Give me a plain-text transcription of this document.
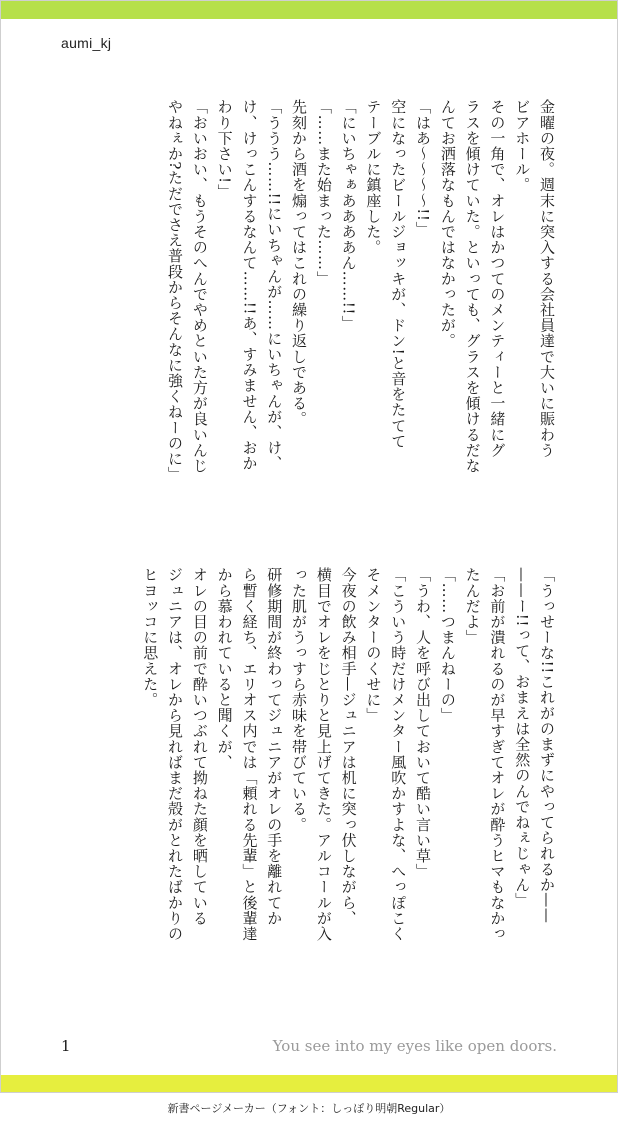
aumi_kj
金曜の夜。週末に突入する会社員達で大いに賑わう
ビアホール。
その一角で、オレはかつてのメンティーと一緒にグ
ラスを傾けていた。といっても、グラスを傾けるだな
んてお洒落なもんではなかったが。
「はあ〜〜〜〜!!」
空になったビールジョッキが、ドン!と音をたてて
テーブルに鎮座した。
「にいちゃぁああああん……!!」
「……また始まった……」
先刻から酒を煽ってはこれの繰り返しである。
「ううう……!!にいちゃんが……にいちゃんが、け、
け、けっこんするなんて……!!あ、すみません、おか
わり下さい!」
「おいおい、もうそのへんでやめといた方が良いんじ
やねぇか?ただでさえ普段からそんなに強くねーのに」
「うっせーな!!これがのまずにやってられるか——
——ー!!って、おまえは全然のんでねぇじゃん」
「お前が潰れるのが早すぎてオレが酔うヒマもなかっ
たんだよ」
「……つまんねーの」
「うわ、人を呼び出しておいて酷い言い草」
「こういう時だけメンター風吹かすよな、へっぽこく
そメンターのくせに」
今夜の飲み相手—ジュニアは机に突っ伏しながら、
横目でオレをじとりと見上げてきた。アルコールが入
った肌がうっすら赤味を帯びている。
研修期間が終わってジュニアがオレの手を離れてか
ら暫く経ち、エリオス内では「頼れる先輩」と後輩達
から慕われていると聞くが、
オレの目の前で酔いつぶれて拗ねた顔を晒している
ジュニアは、オレから見ればまだ殻がとれたばかりの
ヒヨッコに思えた。
1	You see into my eyes like open doors.
新書ページメーカー（フォント：しっぽり明朝Regular）
